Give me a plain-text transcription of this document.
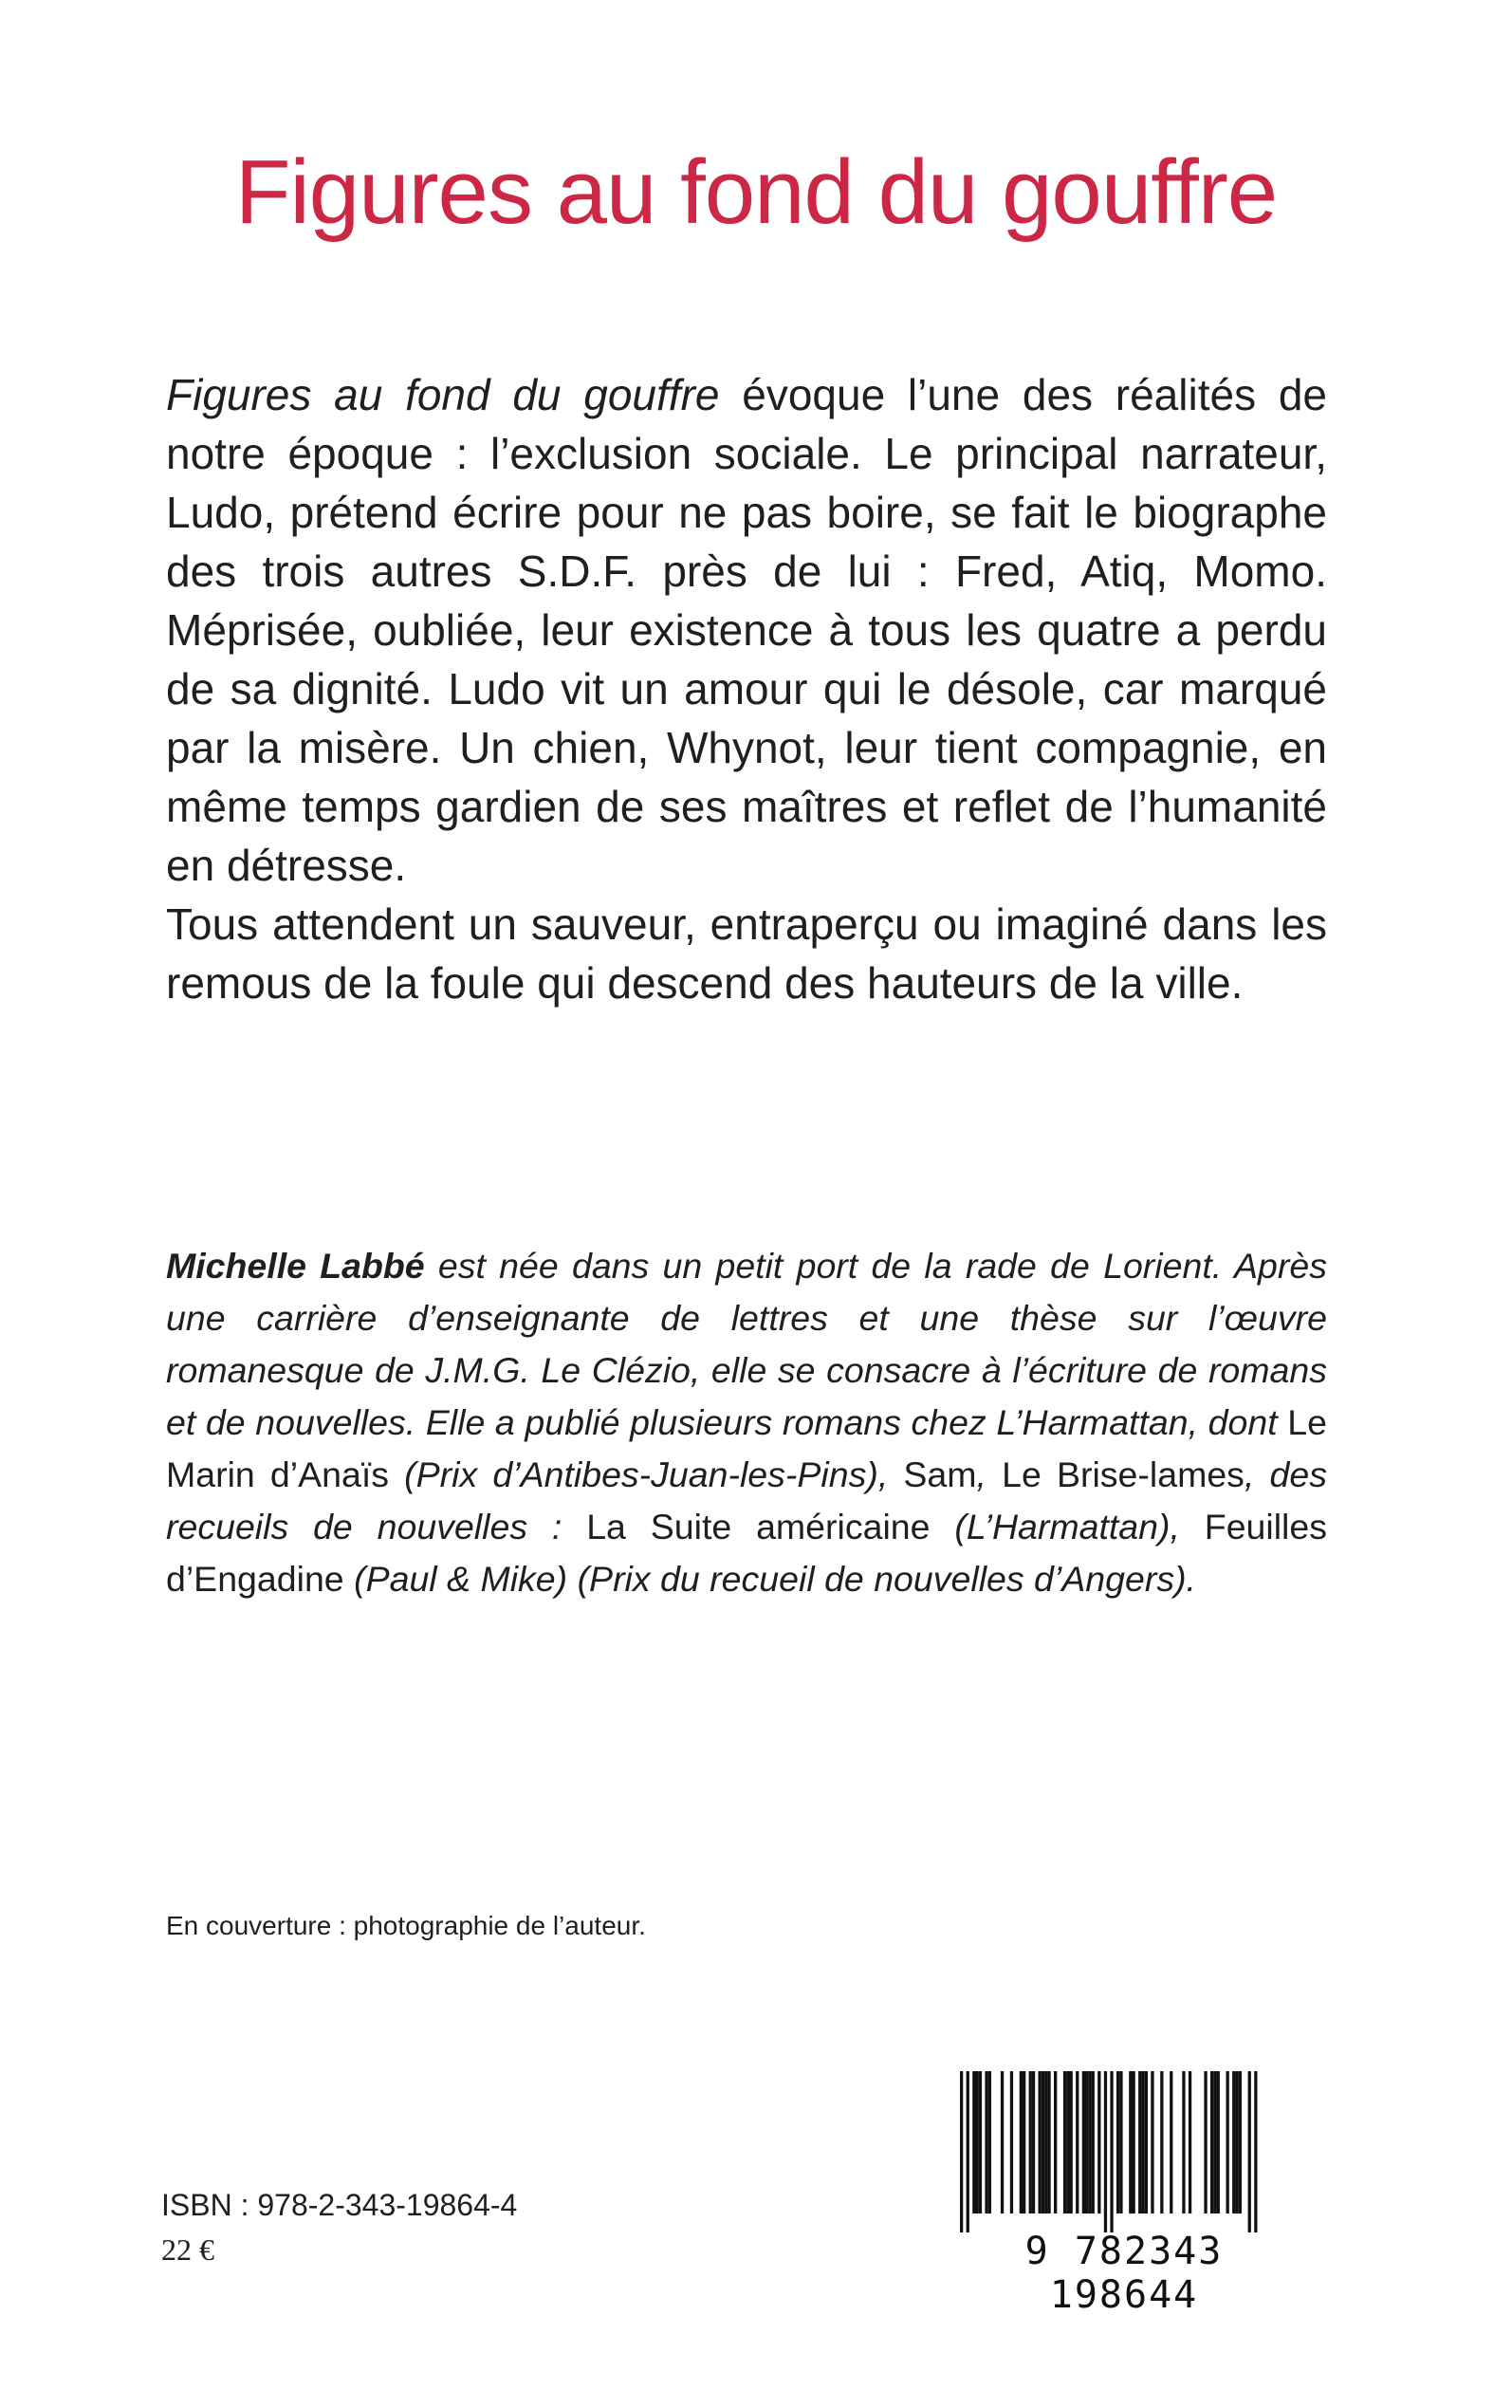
Figures au fond du gouffre

Figures au fond du gouffre évoque l’une des réalités de notre époque : l’exclusion sociale. Le principal narrateur, Ludo, prétend écrire pour ne pas boire, se fait le biographe des trois autres S.D.F. près de lui : Fred, Atiq, Momo. Méprisée, oubliée, leur existence à tous les quatre a perdu de sa dignité. Ludo vit un amour qui le désole, car marqué par la misère. Un chien, Whynot, leur tient compagnie, en même temps gardien de ses maîtres et reflet de l’humanité en détresse.

Tous attendent un sauveur, entraperçu ou imaginé dans les remous de la foule qui descend des hauteurs de la ville.

Michelle Labbé est née dans un petit port de la rade de Lorient. Après une carrière d’enseignante de lettres et une thèse sur l’œuvre romanesque de J.M.G. Le Clézio, elle se consacre à l’écriture de romans et de nouvelles. Elle a publié plusieurs romans chez L’Harmattan, dont Le Marin d’Anaïs (Prix d’Antibes-Juan-les-Pins), Sam, Le Brise-lames, des recueils de nouvelles : La Suite américaine (L’Harmattan), Feuilles d’Engadine (Paul & Mike) (Prix du recueil de nouvelles d’Angers).
En couverture : photographie de l’auteur.
ISBN : 978-2-343-19864-4
22 €	9 782343 198644
